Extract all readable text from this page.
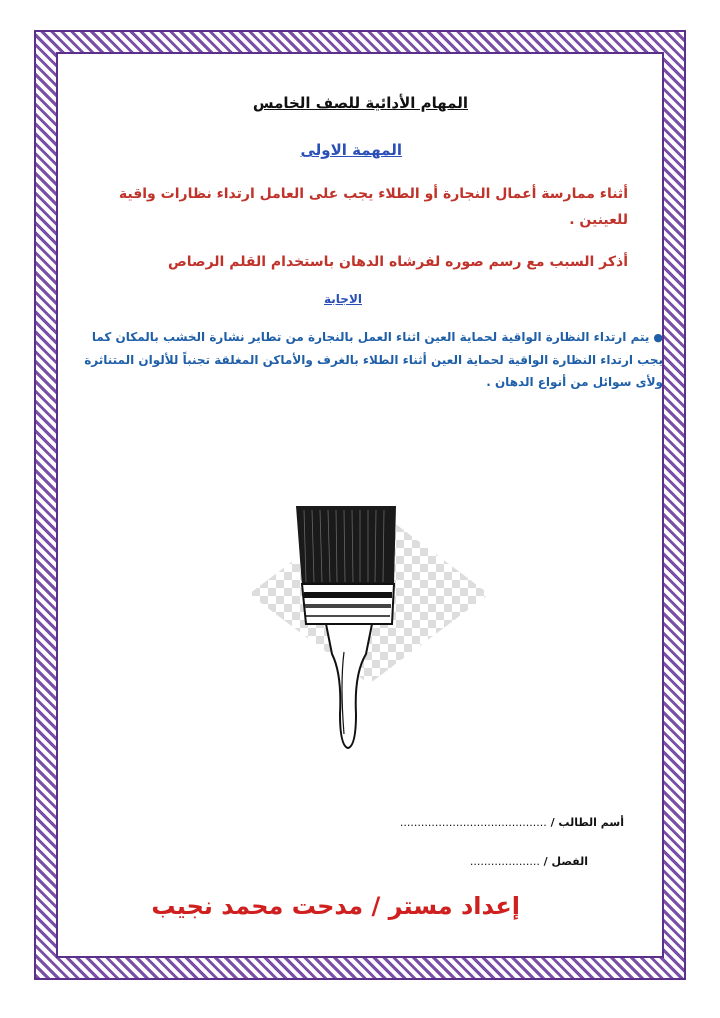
المهام الأدائية للصف الخامس
المهمة الاولى
أثناء ممارسة أعمال النجارة أو الطلاء يجب على العامل ارتداء نظارات واقية للعينين .
أذكر السبب مع رسم صوره لفرشاه الدهان باستخدام القلم الرصاص
الاجابة
●يتم ارتداء النظارة الواقية لحماية العين اثناء العمل بالنجارة من تطاير نشارة الخشب بالمكان كما يجب ارتداء النظارة الواقية لحماية العين أثناء الطلاء بالغرف والأماكن المغلقة تجنباً للألوان المتناثرة ولأى سوائل من أنواع الدهان .
أسم الطالب / ..........................................
الفصل / ....................
إعداد مستر / مدحت محمد نجيب
